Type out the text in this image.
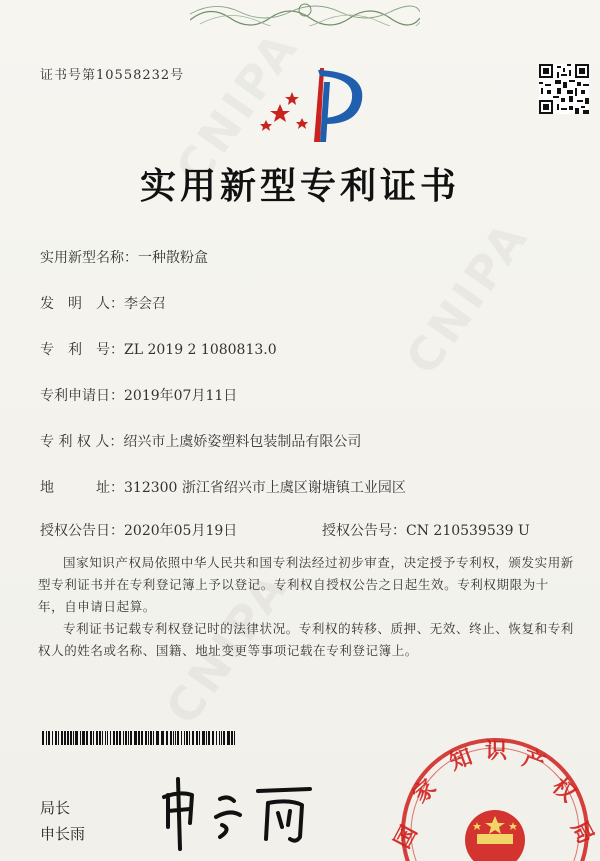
证书号第10558232号
实用新型专利证书
实用新型名称：一种散粉盒
发　明　人：李会召
专　利　号：ZL 2019 2 1080813.0
专利申请日：2019年07月11日
专 利 权 人：绍兴市上虞娇姿塑料包装制品有限公司
地　　　址：312300 浙江省绍兴市上虞区谢塘镇工业园区
授权公告日：2020年05月19日	授权公告号：CN 210539539 U

国家知识产权局依照中华人民共和国专利法经过初步审查，决定授予专利权，颁发实用新型专利证书并在专利登记簿上予以登记。专利权自授权公告之日起生效。专利权期限为十年，自申请日起算。

专利证书记载专利权登记时的法律状况。专利权的转移、质押、无效、终止、恢复和专利权人的姓名或名称、国籍、地址变更等事项记载在专利登记簿上。

局长
申长雨	国
家
知 识 产
权
局
